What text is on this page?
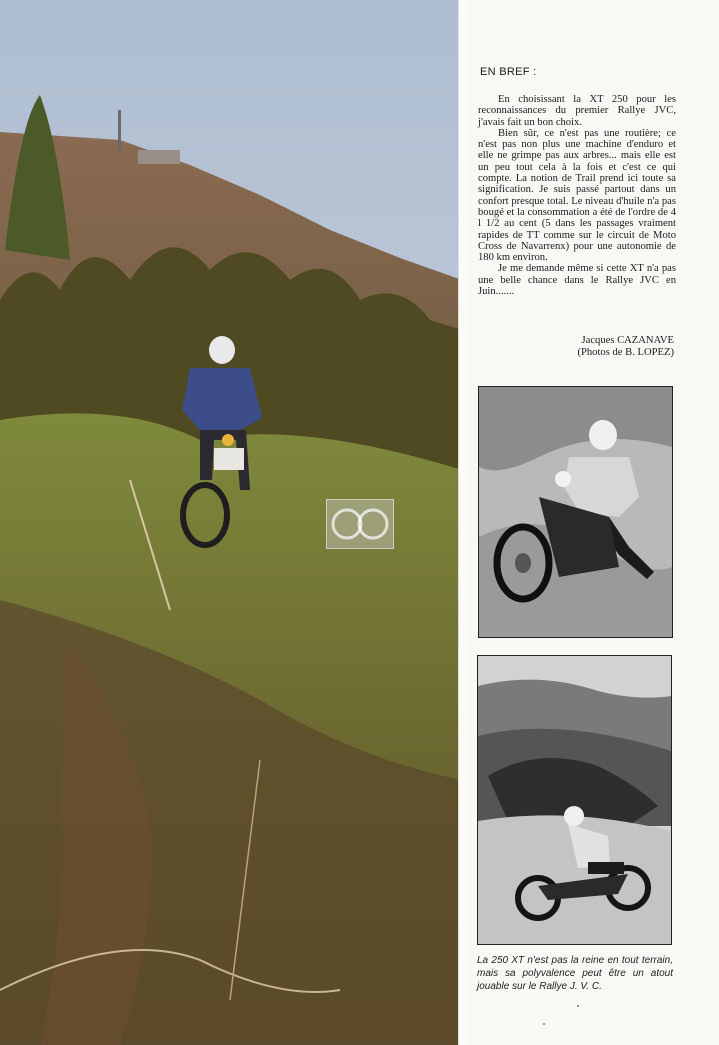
EN BREF :

En choisissant la XT 250 pour les reconnaissances du premier Rallye JVC, j'avais fait un bon choix.

Bien sûr, ce n'est pas une routière; ce n'est pas non plus une machine d'enduro et elle ne grimpe pas aux arbres... mais elle est un peu tout cela à la fois et c'est ce qui compte. La notion de Trail prend ici toute sa signification. Je suis passé partout dans un confort presque total. Le niveau d'huile n'a pas bougé et la consommation a été de l'ordre de 4 l 1/2 au cent (5 dans les passages vraiment rapides de TT comme sur le circuit de Moto Cross de Navarrenx) pour une autonomie de 180 km environ.

Je me demande même si cette XT n'a pas une belle chance dans le Rallye JVC en Juin.......

Jacques CAZANAVE
(Photos de B. LOPEZ)
La 250 XT n'est pas la reine en tout terrain, mais sa polyvalence peut être un atout jouable sur le Rallye J. V. C.
